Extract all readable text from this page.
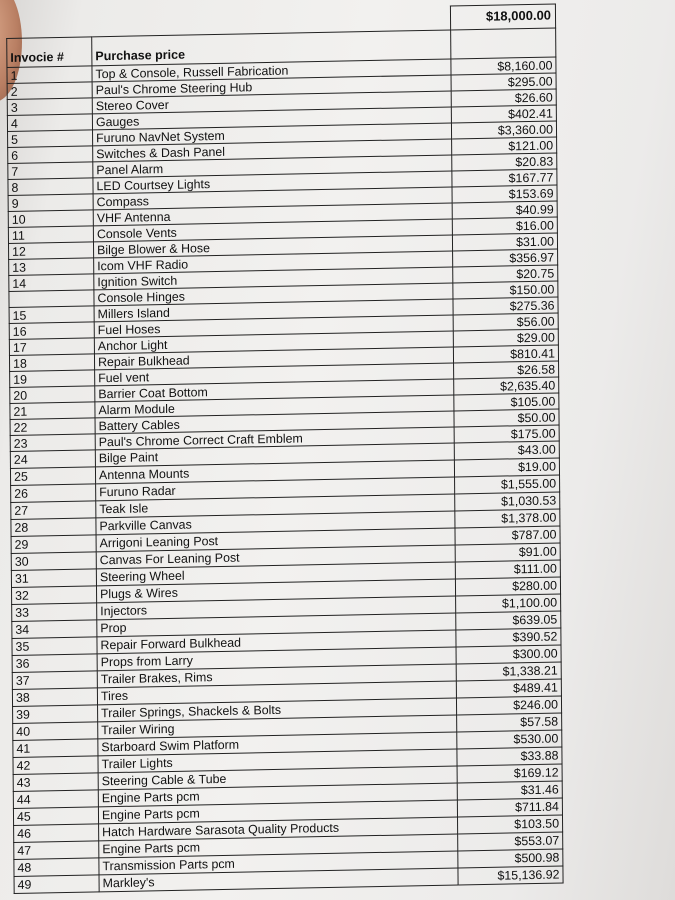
$18,000.00
Invocie #	Purchase price	
1	Top & Console, Russell Fabrication	$8,160.00
2	Paul's Chrome Steering Hub	$295.00
3	Stereo Cover	$26.60
4	Gauges	$402.41
5	Furuno NavNet System	$3,360.00
6	Switches & Dash Panel	$121.00
7	Panel Alarm	$20.83
8	LED Courtsey Lights	$167.77
9	Compass	$153.69
10	VHF Antenna	$40.99
11	Console Vents	$16.00
12	Bilge Blower & Hose	$31.00
13	Icom VHF Radio	$356.97
14	Ignition Switch	$20.75
	Console Hinges	$150.00
15	Millers Island	$275.36
16	Fuel Hoses	$56.00
17	Anchor Light	$29.00
18	Repair Bulkhead	$810.41
19	Fuel vent	$26.58
20	Barrier Coat Bottom	$2,635.40
21	Alarm Module	$105.00
22	Battery Cables	$50.00
23	Paul's Chrome Correct Craft Emblem	$175.00
24	Bilge Paint	$43.00
25	Antenna Mounts	$19.00
26	Furuno Radar	$1,555.00
27	Teak Isle	$1,030.53
28	Parkville Canvas	$1,378.00
29	Arrigoni Leaning Post	$787.00
30	Canvas For Leaning Post	$91.00
31	Steering Wheel	$111.00
32	Plugs & Wires	$280.00
33	Injectors	$1,100.00
34	Prop	$639.05
35	Repair Forward Bulkhead	$390.52
36	Props from Larry	$300.00
37	Trailer Brakes, Rims	$1,338.21
38	Tires	$489.41
39	Trailer Springs, Shackels & Bolts	$246.00
40	Trailer Wiring	$57.58
41	Starboard Swim Platform	$530.00
42	Trailer Lights	$33.88
43	Steering Cable & Tube	$169.12
44	Engine Parts pcm	$31.46
45	Engine Parts pcm	$711.84
46	Hatch Hardware Sarasota Quality Products	$103.50
47	Engine Parts pcm	$553.07
48	Transmission Parts pcm	$500.98
49	Markley's	$15,136.92
